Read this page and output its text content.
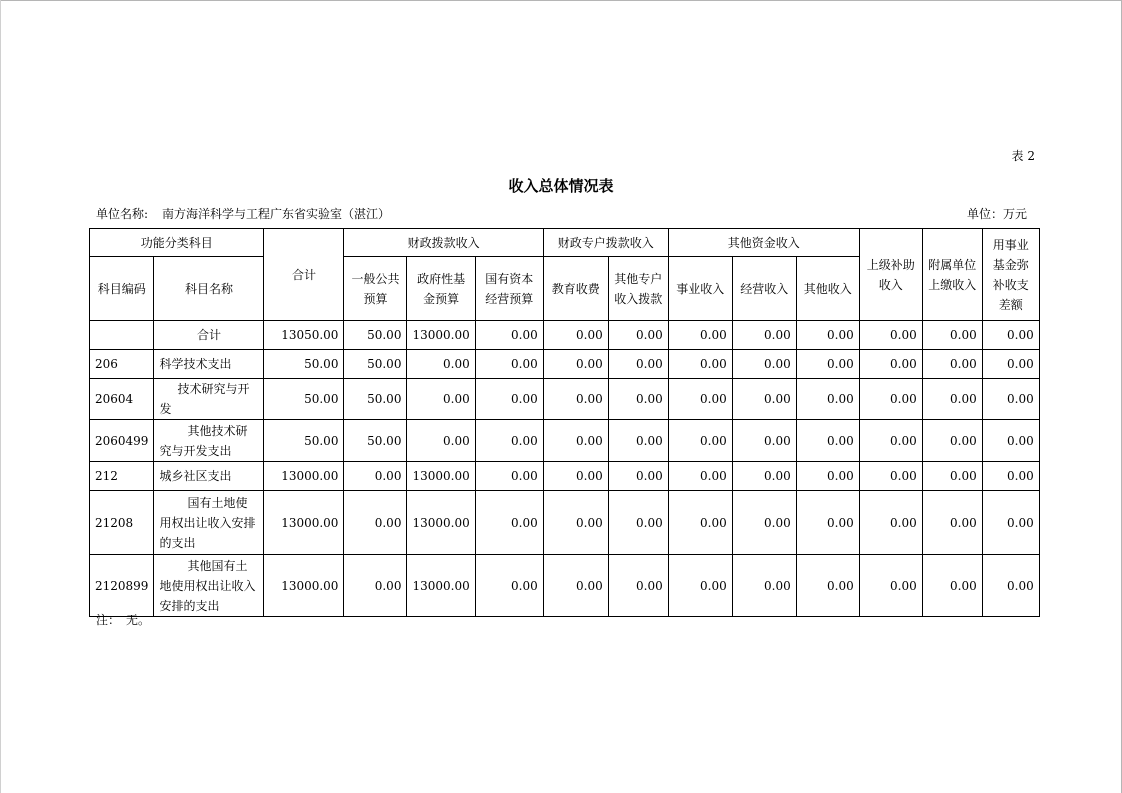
表 2
收入总体情况表
单位名称: 南方海洋科学与工程广东省实验室（湛江）	单位：万元
功能分类科目		合计	财政拨款收入			财政专户拨款收入		其他资金收入			上级补助收入	附属单位上缴收入	用事业基金弥补收支差额
科目编码	科目名称		一般公共预算	政府性基金预算	国有资本经营预算	教育收费	其他专户收入拨款	事业收入	经营收入	其他收入			
	合计	13050.00	50.00	13000.00	0.00	0.00	0.00	0.00	0.00	0.00	0.00	0.00	0.00
206	科学技术支出	50.00	50.00	0.00	0.00	0.00	0.00	0.00	0.00	0.00	0.00	0.00	0.00
20604	技术研究与开发	50.00	50.00	0.00	0.00	0.00	0.00	0.00	0.00	0.00	0.00	0.00	0.00
2060499	其他技术研究与开发支出	50.00	50.00	0.00	0.00	0.00	0.00	0.00	0.00	0.00	0.00	0.00	0.00
212	城乡社区支出	13000.00	0.00	13000.00	0.00	0.00	0.00	0.00	0.00	0.00	0.00	0.00	0.00
21208	国有土地使用权出让收入安排的支出	13000.00	0.00	13000.00	0.00	0.00	0.00	0.00	0.00	0.00	0.00	0.00	0.00
2120899	其他国有土地使用权出让收入安排的支出	13000.00	0.00	13000.00	0.00	0.00	0.00	0.00	0.00	0.00	0.00	0.00	0.00
注：　无。
